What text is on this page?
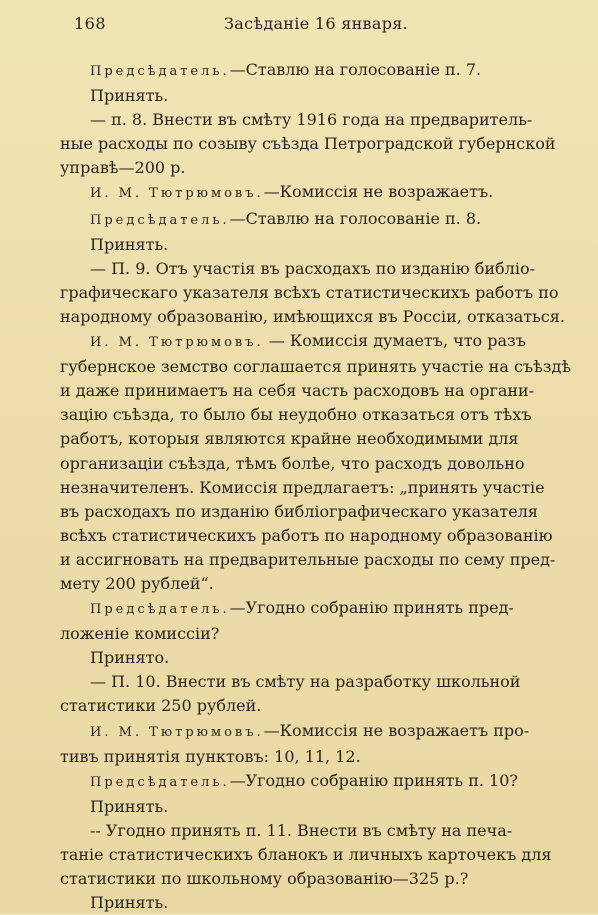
168	Засѣданіе 16 января.
Предсѣдатель.—Ставлю на голосованіе п. 7.
Принять.
— п. 8. Внести въ смѣту 1916 года на предваритель-
ные расходы по созыву съѣзда Петроградской губернской
управѣ—200 р.
И. М. Тютрюмовъ.—Комиссія не возражаетъ.
Предсѣдатель.—Ставлю на голосованіе п. 8.
Принять.
— П. 9. Отъ участія въ расходахъ по изданію библіо-
графическаго указателя всѣхъ статистическихъ работъ по
народному образованію, имѣющихся въ Россіи, отказаться.
И. М. Тютрюмовъ. — Комиссія думаетъ, что разъ
губернское земство соглашается принять участіе на съѣздѣ
и даже принимаетъ на себя часть расходовъ на органи-
зацію съѣзда, то было бы неудобно отказаться отъ тѣхъ
работъ, которыя являются крайне необходимыми для
организаціи съѣзда, тѣмъ болѣе, что расходъ довольно
незначителенъ. Комиссія предлагаетъ: „принять участіе
въ расходахъ по изданію библіографическаго указателя
всѣхъ статистическихъ работъ по народному образованію
и ассигновать на предварительные расходы по сему пред-
мету 200 рублей“.
Предсѣдатель.—Угодно собранію принять пред-
ложеніе комиссіи?
Принято.
— П. 10. Внести въ смѣту на разработку школьной
статистики 250 рублей.
И. М. Тютрюмовъ.—Комиссія не возражаетъ про-
тивъ принятія пунктовъ: 10, 11, 12.
Предсѣдатель.—Угодно собранію принять п. 10?
Принять.
-- Угодно принять п. 11. Внести въ смѣту на печа-
таніе статистическихъ бланокъ и личныхъ карточекъ для
статистики по школьному образованію—325 р.?
Принять.
